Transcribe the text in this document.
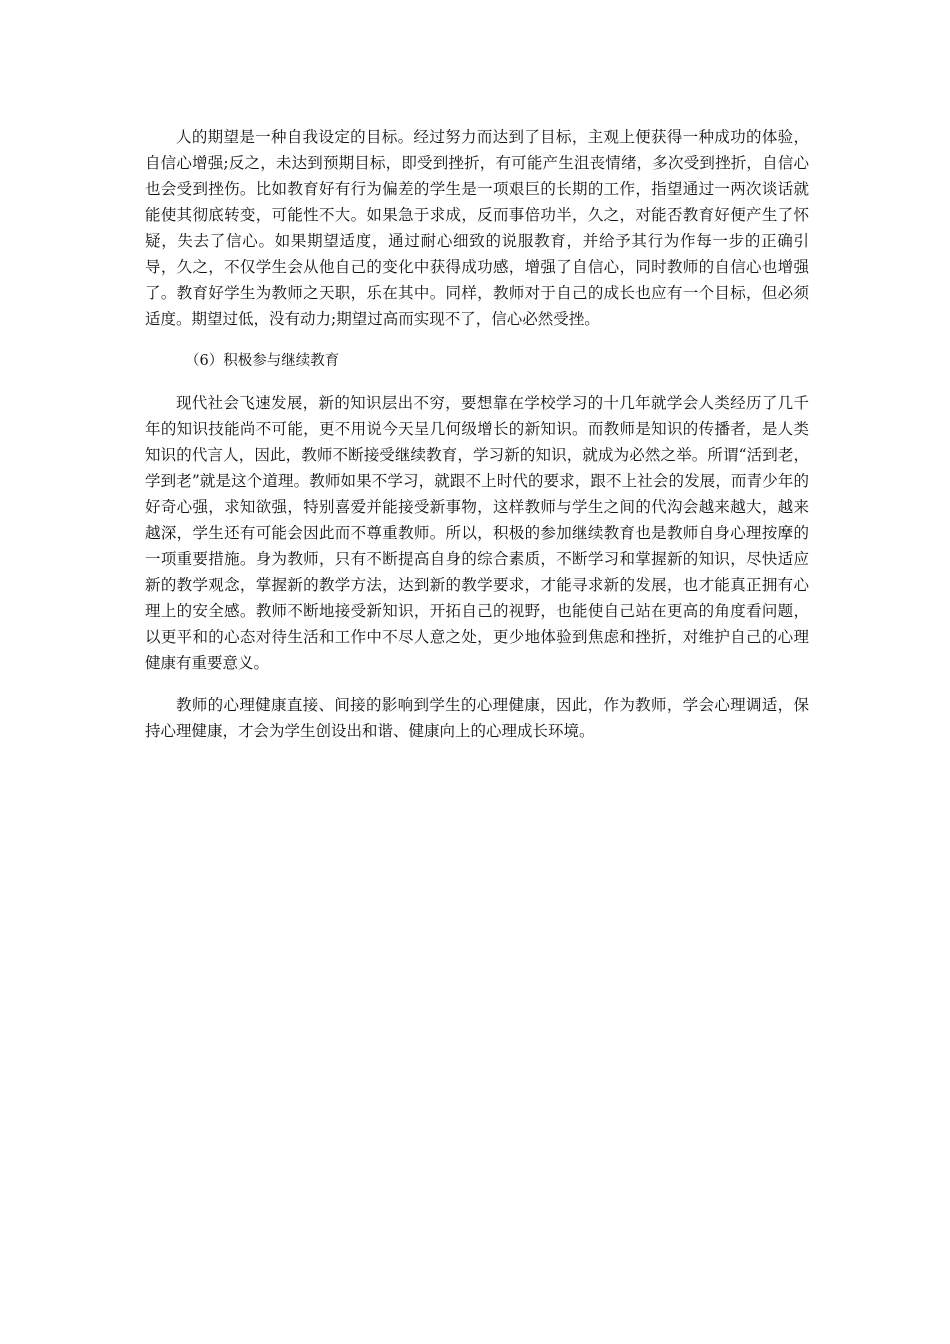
人的期望是一种自我设定的目标。经过努力而达到了目标，主观上便获得一种成功的体验，自信心增强;反之，未达到预期目标，即受到挫折，有可能产生沮丧情绪，多次受到挫折，自信心也会受到挫伤。比如教育好有行为偏差的学生是一项艰巨的长期的工作，指望通过一两次谈话就能使其彻底转变，可能性不大。如果急于求成，反而事倍功半，久之，对能否教育好便产生了怀疑，失去了信心。如果期望适度，通过耐心细致的说服教育，并给予其行为作每一步的正确引导，久之，不仅学生会从他自己的变化中获得成功感，增强了自信心，同时教师的自信心也增强了。教育好学生为教师之天职，乐在其中。同样，教师对于自己的成长也应有一个目标，但必须适度。期望过低，没有动力;期望过高而实现不了，信心必然受挫。

（6）积极参与继续教育

现代社会飞速发展，新的知识层出不穷，要想靠在学校学习的十几年就学会人类经历了几千年的知识技能尚不可能，更不用说今天呈几何级增长的新知识。而教师是知识的传播者，是人类知识的代言人，因此，教师不断接受继续教育，学习新的知识，就成为必然之举。所谓“活到老，学到老”就是这个道理。教师如果不学习，就跟不上时代的要求，跟不上社会的发展，而青少年的好奇心强，求知欲强，特别喜爱并能接受新事物，这样教师与学生之间的代沟会越来越大，越来越深，学生还有可能会因此而不尊重教师。所以，积极的参加继续教育也是教师自身心理按摩的一项重要措施。身为教师，只有不断提高自身的综合素质，不断学习和掌握新的知识，尽快适应新的教学观念，掌握新的教学方法，达到新的教学要求，才能寻求新的发展，也才能真正拥有心理上的安全感。教师不断地接受新知识，开拓自己的视野，也能使自己站在更高的角度看问题，以更平和的心态对待生活和工作中不尽人意之处，更少地体验到焦虑和挫折，对维护自己的心理健康有重要意义。

教师的心理健康直接、间接的影响到学生的心理健康，因此，作为教师，学会心理调适，保持心理健康，才会为学生创设出和谐、健康向上的心理成长环境。
